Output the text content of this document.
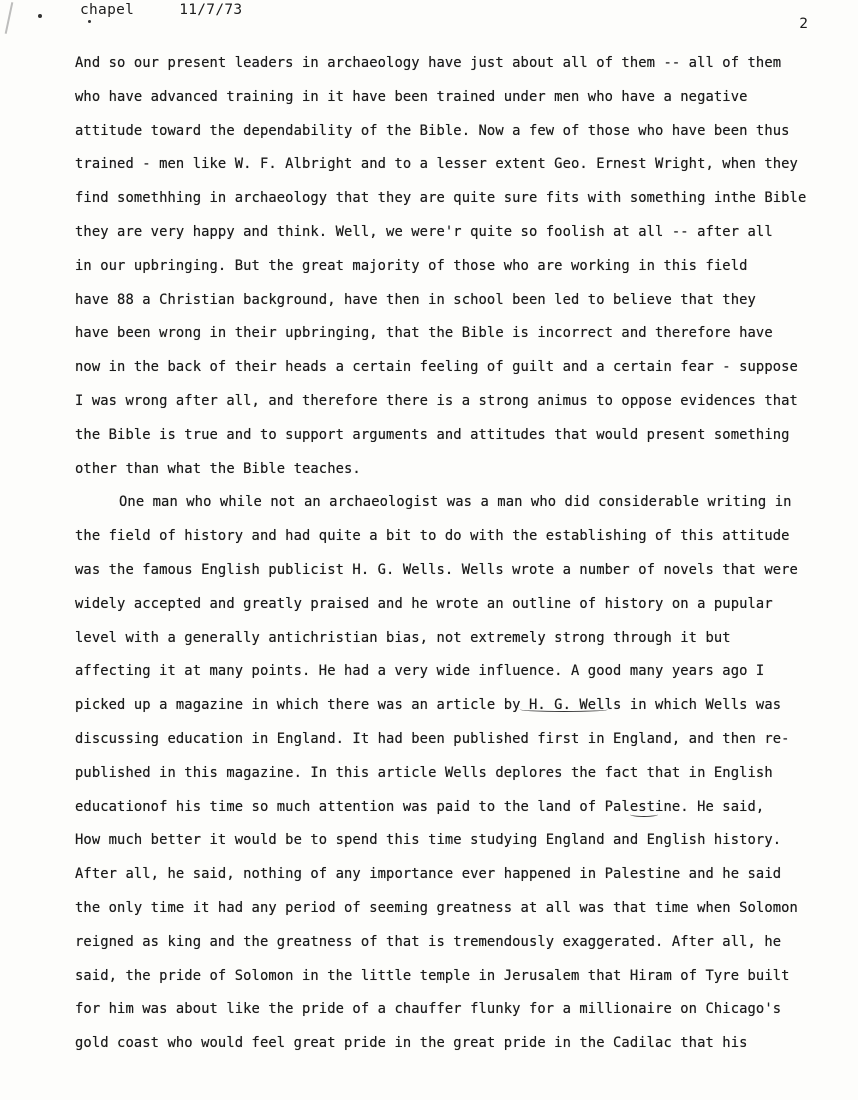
chapel	11/7/73
2
And so our present leaders in archaeology have just about all of them -- all of them
who have advanced training in it have been trained under men who have a negative
attitude toward the dependability of the Bible. Now a few of those who have been thus
trained - men like W. F. Albright and to a lesser extent Geo. Ernest Wright, when they
find somethhing in archaeology that they are quite sure fits with something inthe Bible
they are very happy and think. Well, we were'r quite so foolish at all -- after all
in our upbringing. But the great majority of those who are working in this field
have 88 a Christian background, have then in school been led to believe that they
have been wrong in their upbringing, that the Bible is incorrect and therefore have
now in the back of their heads a certain feeling of guilt and a certain fear - suppose
I was wrong after all, and therefore there is a strong animus to oppose evidences that
the Bible is true and to support arguments and attitudes that would present something
other than what the Bible teaches.
One man who while not an archaeologist was a man who did considerable writing in
the field of history and had quite a bit to do with the establishing of this attitude
was the famous English publicist H. G. Wells. Wells wrote a number of novels that were
widely accepted and greatly praised and he wrote an outline of history on a pupular
level with a generally antichristian bias, not extremely strong through it but
affecting it at many points. He had a very wide influence. A good many years ago I
picked up a magazine in which there was an article by H. G. Wells in which Wells was
discussing education in England. It had been published first in England, and then re-
published in this magazine. In this article Wells deplores the fact that in English
educationof his time so much attention was paid to the land of Palestine. He said,
How much better it would be to spend this time studying England and English history.
After all, he said, nothing of any importance ever happened in Palestine and he said
the only time it had any period of seeming greatness at all was that time when Solomon
reigned as king and the greatness of that is tremendously exaggerated. After all, he
said, the pride of Solomon in the little temple in Jerusalem that Hiram of Tyre built
for him was about like the pride of a chauffer flunky for a millionaire on Chicago's
gold coast who would feel great pride in the great pride in the Cadilac that his
